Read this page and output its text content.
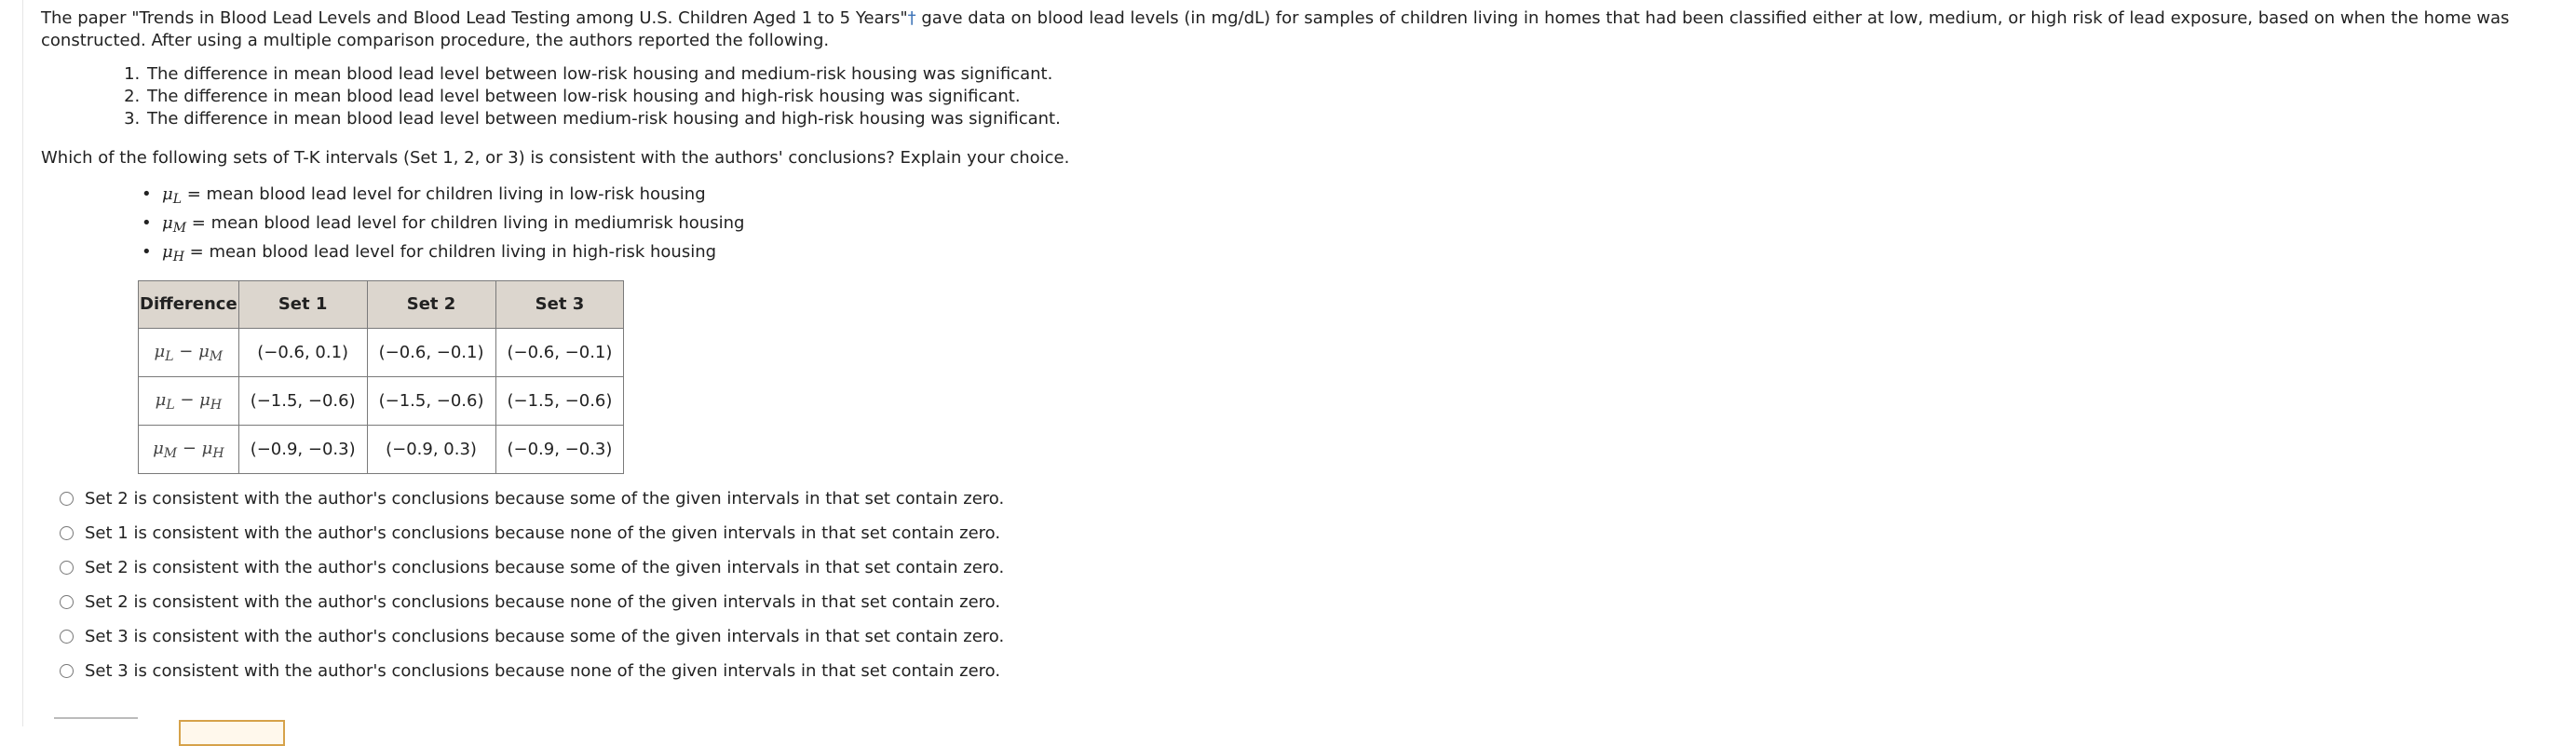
The paper "Trends in Blood Lead Levels and Blood Lead Testing among U.S. Children Aged 1 to 5 Years"† gave data on blood lead levels (in mg/dL) for samples of children living in homes that had been classified either at low, medium, or high risk of lead exposure, based on when the home was constructed. After using a multiple comparison procedure, the authors reported the following.

1. The difference in mean blood lead level between low-risk housing and medium-risk housing was significant.
2. The difference in mean blood lead level between low-risk housing and high-risk housing was significant.
3. The difference in mean blood lead level between medium-risk housing and high-risk housing was significant.

Which of the following sets of T-K intervals (Set 1, 2, or 3) is consistent with the authors' conclusions? Explain your choice.

• $\mu_L$ = mean blood lead level for children living in low-risk housing
• $\mu_M$ = mean blood lead level for children living in mediumrisk housing
• $\mu_H$ = mean blood lead level for children living in high-risk housing
Difference	Set 1	Set 2	Set 3
$\mu_L - \mu_M$	(−0.6, 0.1)	(−0.6, −0.1)	(−0.6, −0.1)
$\mu_L - \mu_H$	(−1.5, −0.6)	(−1.5, −0.6)	(−1.5, −0.6)
$\mu_M - \mu_H$	(−0.9, −0.3)	(−0.9, 0.3)	(−0.9, −0.3)
Set 2 is consistent with the author's conclusions because some of the given intervals in that set contain zero.
Set 1 is consistent with the author's conclusions because none of the given intervals in that set contain zero.
Set 2 is consistent with the author's conclusions because some of the given intervals in that set contain zero.
Set 2 is consistent with the author's conclusions because none of the given intervals in that set contain zero.
Set 3 is consistent with the author's conclusions because some of the given intervals in that set contain zero.
Set 3 is consistent with the author's conclusions because none of the given intervals in that set contain zero.
